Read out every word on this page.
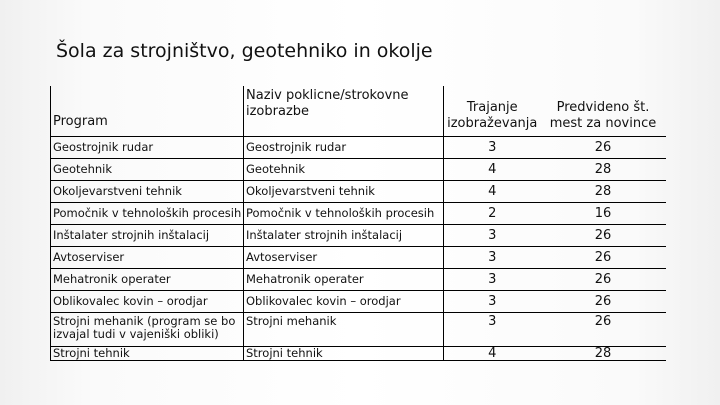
Šola za strojništvo, geotehniko in okolje
Program	Naziv poklicne/strokovne izobrazbe	Trajanje izobraževanja	Predvideno št. mest za novince
Geostrojnik rudar	Geostrojnik rudar	3	26
Geotehnik	Geotehnik	4	28
Okoljevarstveni tehnik	Okoljevarstveni tehnik	4	28
Pomočnik v tehnoloških procesih	Pomočnik v tehnoloških procesih	2	16
Inštalater strojnih inštalacij	Inštalater strojnih inštalacij	3	26
Avtoserviser	Avtoserviser	3	26
Mehatronik operater	Mehatronik operater	3	26
Oblikovalec kovin – orodjar	Oblikovalec kovin – orodjar	3	26
Strojni mehanik (program se bo izvajal tudi v vajeniški obliki)	Strojni mehanik	3	26
Strojni tehnik	Strojni tehnik	4	28
